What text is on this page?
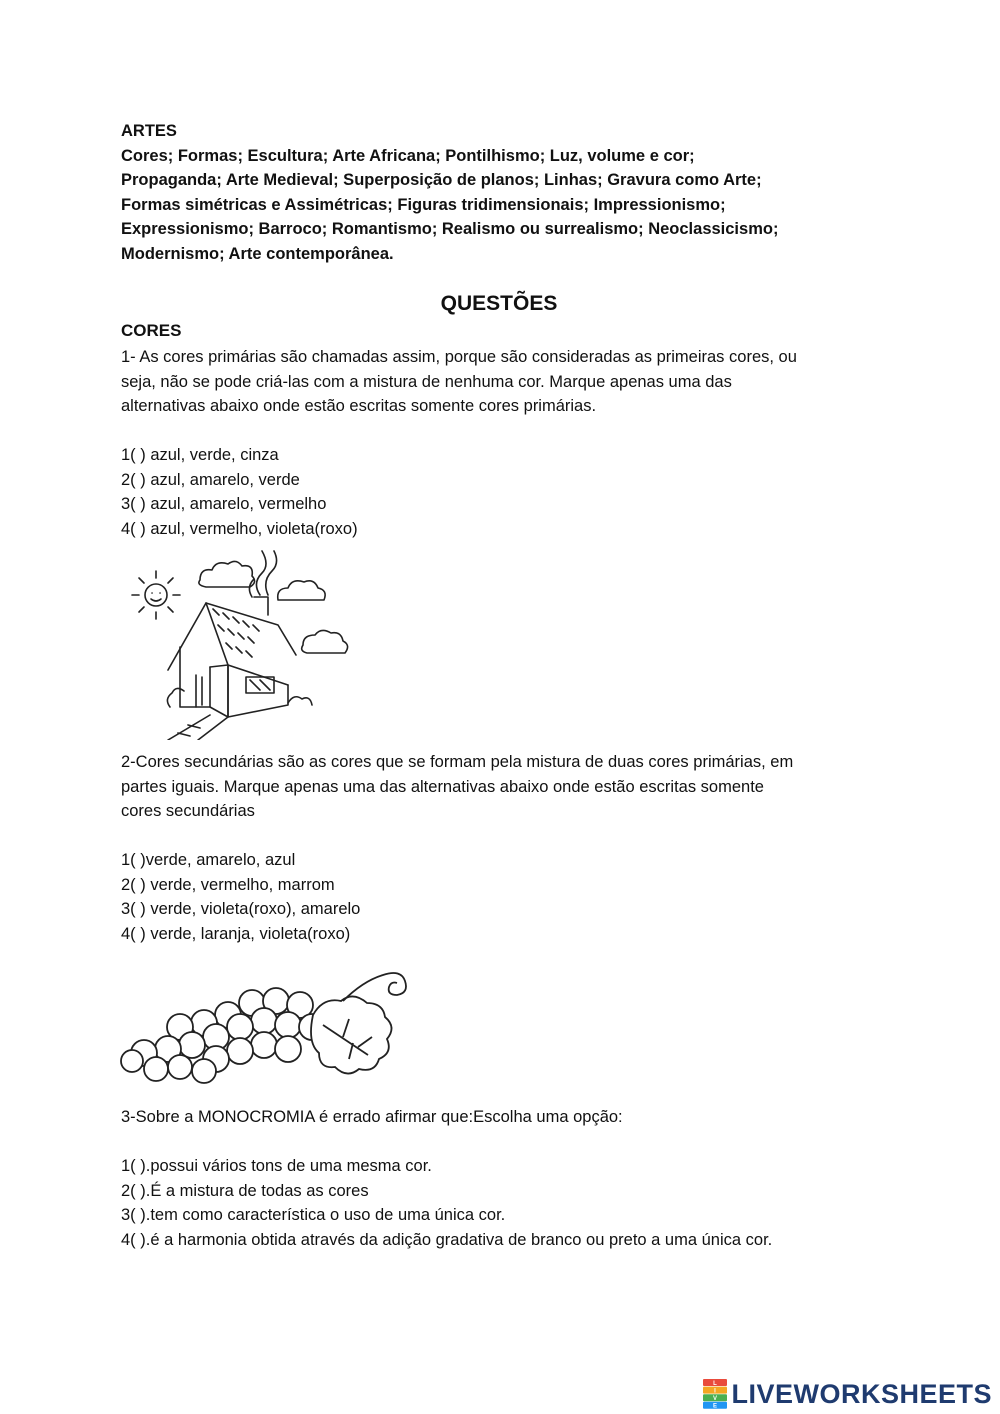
ARTES
Cores; Formas; Escultura; Arte Africana; Pontilhismo; Luz, volume e cor;
Propaganda; Arte Medieval; Superposição de planos; Linhas; Gravura como Arte;
Formas simétricas e Assimétricas; Figuras tridimensionais; Impressionismo;
Expressionismo; Barroco; Romantismo; Realismo ou surrealismo; Neoclassicismo;
Modernismo; Arte contemporânea.
QUESTÕES
CORES
1- As cores primárias são chamadas assim, porque são consideradas as primeiras cores, ou
seja, não se pode criá-las com a mistura de nenhuma cor. Marque apenas uma das
alternativas abaixo onde estão escritas somente cores primárias.
1( ) azul, verde, cinza
2( ) azul, amarelo, verde
3( ) azul, amarelo, vermelho
4( ) azul, vermelho, violeta(roxo)
2-Cores secundárias são as cores que se formam pela mistura de duas cores primárias, em
partes iguais. Marque apenas uma das alternativas abaixo onde estão escritas somente
cores secundárias
1( )verde, amarelo, azul
2( ) verde, vermelho, marrom
3( ) verde, violeta(roxo), amarelo
4( ) verde, laranja, violeta(roxo)
3-Sobre a MONOCROMIA é errado afirmar que:Escolha uma opção:
1( ).possui vários tons de uma mesma cor.
2( ).É a mistura de todas as cores
3( ).tem como característica o uso de uma única cor.
4( ).é a harmonia obtida através da adição gradativa de branco ou preto a uma única cor.
L
I
V
E LIVEWORKSHEETS
